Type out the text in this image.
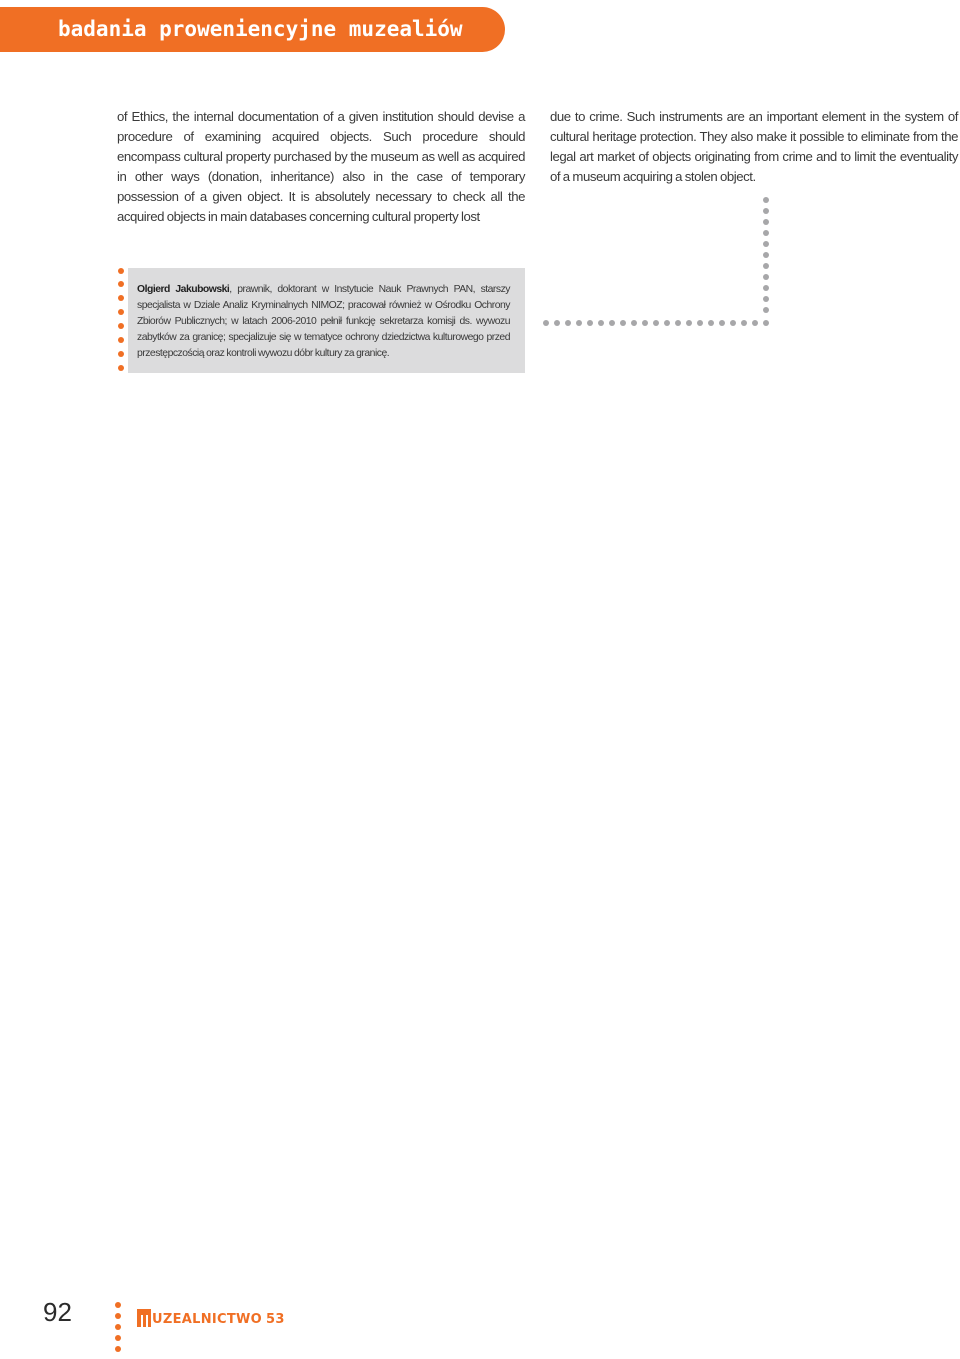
badania proweniencyjne muzealiów

of Ethics, the internal documentation of a given institution should devise a procedure of examining acquired objects. Such procedure should encompass cultural property purchased by the museum as well as acquired in other ways (donation, inheritance) also in the case of temporary possession of a given object. It is absolutely necessary to check all the acquired objects in main databases concerning cultural property lost

due to crime. Such instruments are an important element in the system of cultural heritage protection. They also make it possible to eliminate from the legal art market of objects originating from crime and to limit the eventuality of a museum acquiring a stolen object.

Olgierd Jakubowski, prawnik, doktorant w Instytucie Nauk Prawnych PAN, starszy specjalista w Dziale Analiz Kryminalnych NIMOZ; pracował również w Ośrodku Ochrony Zbiorów Publicznych; w latach 2006-2010 pełnił funkcję sekretarza komisji ds. wywozu zabytków za granicę; specjalizuje się w tematyce ochrony dziedzictwa kulturowego przed przestępczością oraz kontroli wywozu dóbr kultury za granicę.
92	UZEALNICTWO 53
